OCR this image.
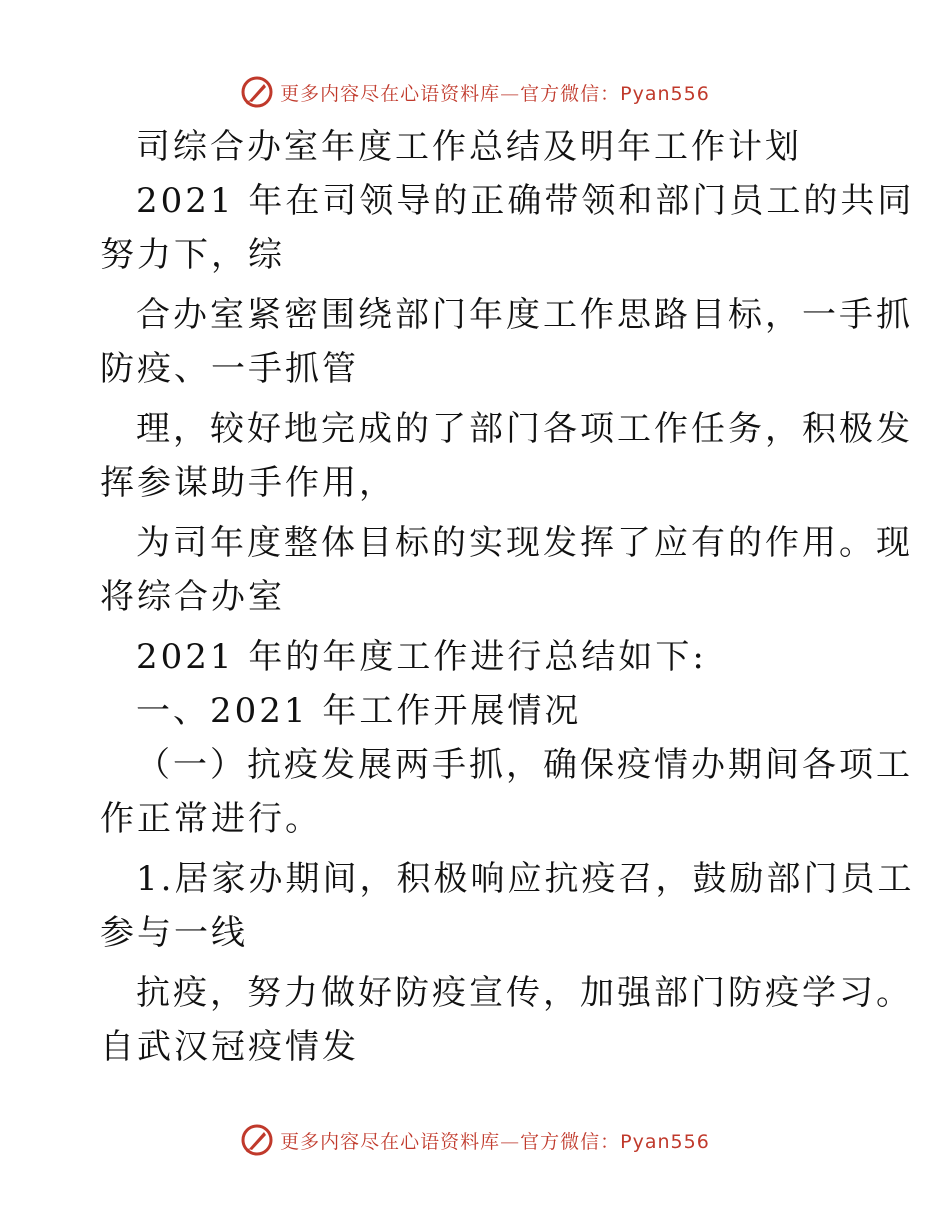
更多内容尽在心语资料库—官方微信：Pyan556
司综合办室年度工作总结及明年工作计划
2021 年在司领导的正确带领和部门员工的共同
努力下，综
合办室紧密围绕部门年度工作思路目标，一手抓
防疫、一手抓管
理，较好地完成的了部门各项工作任务，积极发
挥参谋助手作用，
为司年度整体目标的实现发挥了应有的作用。现
将综合办室
2021 年的年度工作进行总结如下:
一、2021 年工作开展情况
（一）抗疫发展两手抓，确保疫情办期间各项工
作正常进行。
1.居家办期间，积极响应抗疫召，鼓励部门员工
参与一线
抗疫，努力做好防疫宣传，加强部门防疫学习。
自武汉冠疫情发
更多内容尽在心语资料库—官方微信：Pyan556
